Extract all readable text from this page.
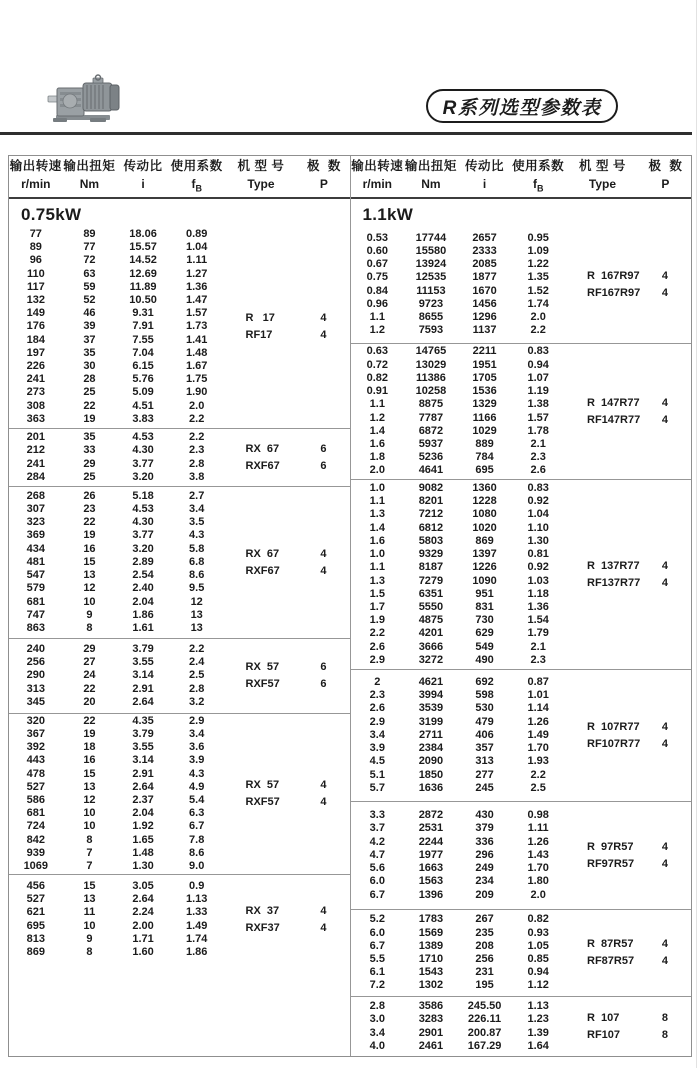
R系列选型参数表
输出转速 输出扭矩 传动比 使用系数	机 型 号	极  数
r/min	Nm	i	$f_B$	Type	P
0.75kW
77	89	18.06	0.89
89	77	15.57	1.04
96	72	14.52	1.11
110	63	12.69	1.27
117	59	11.89	1.36
132	52	10.50	1.47
149	46	9.31	1.57
176	39	7.91	1.73
184	37	7.55	1.41
197	35	7.04	1.48
226	30	6.15	1.67
241	28	5.76	1.75
273	25	5.09	1.90
308	22	4.51	2.0
363	19	3.83	2.2
R   17	4
RF17	4
201	35	4.53	2.2
212	33	4.30	2.3
241	29	3.77	2.8
284	25	3.20	3.8
RX  67	6
RXF67	6
268	26	5.18	2.7
307	23	4.53	3.4
323	22	4.30	3.5
369	19	3.77	4.3
434	16	3.20	5.8
481	15	2.89	6.8
547	13	2.54	8.6
579	12	2.40	9.5
681	10	2.04	12
747	9	1.86	13
863	8	1.61	13
RX  67	4
RXF67	4
240	29	3.79	2.2
256	27	3.55	2.4
290	24	3.14	2.5
313	22	2.91	2.8
345	20	2.64	3.2
RX  57	6
RXF57	6
320	22	4.35	2.9
367	19	3.79	3.4
392	18	3.55	3.6
443	16	3.14	3.9
478	15	2.91	4.3
527	13	2.64	4.9
586	12	2.37	5.4
681	10	2.04	6.3
724	10	1.92	6.7
842	8	1.65	7.8
939	7	1.48	8.6
1069	7	1.30	9.0
RX  57	4
RXF57	4
456	15	3.05	0.9
527	13	2.64	1.13
621	11	2.24	1.33
695	10	2.00	1.49
813	9	1.71	1.74
869	8	1.60	1.86
RX  37	4
RXF37	4
输出转速 输出扭矩 传动比 使用系数	机 型 号	极  数
r/min	Nm	i	$f_B$	Type	P
1.1kW
0.53	17744	2657	0.95
0.60	15580	2333	1.09
0.67	13924	2085	1.22
0.75	12535	1877	1.35
0.84	11153	1670	1.52
0.96	9723	1456	1.74
1.1	8655	1296	2.0
1.2	7593	1137	2.2
R  167R97	4
RF167R97	4
0.63	14765	2211	0.83
0.72	13029	1951	0.94
0.82	11386	1705	1.07
0.91	10258	1536	1.19
1.1	8875	1329	1.38
1.2	7787	1166	1.57
1.4	6872	1029	1.78
1.6	5937	889	2.1
1.8	5236	784	2.3
2.0	4641	695	2.6
R  147R77	4
RF147R77	4
1.0	9082	1360	0.83
1.1	8201	1228	0.92
1.3	7212	1080	1.04
1.4	6812	1020	1.10
1.6	5803	869	1.30
1.0	9329	1397	0.81
1.1	8187	1226	0.92
1.3	7279	1090	1.03
1.5	6351	951	1.18
1.7	5550	831	1.36
1.9	4875	730	1.54
2.2	4201	629	1.79
2.6	3666	549	2.1
2.9	3272	490	2.3
R  137R77	4
RF137R77	4
2	4621	692	0.87
2.3	3994	598	1.01
2.6	3539	530	1.14
2.9	3199	479	1.26
3.4	2711	406	1.49
3.9	2384	357	1.70
4.5	2090	313	1.93
5.1	1850	277	2.2
5.7	1636	245	2.5
R  107R77	4
RF107R77	4
3.3	2872	430	0.98
3.7	2531	379	1.11
4.2	2244	336	1.26
4.7	1977	296	1.43
5.6	1663	249	1.70
6.0	1563	234	1.80
6.7	1396	209	2.0
R  97R57	4
RF97R57	4
5.2	1783	267	0.82
6.0	1569	235	0.93
6.7	1389	208	1.05
5.5	1710	256	0.85
6.1	1543	231	0.94
7.2	1302	195	1.12
R  87R57	4
RF87R57	4
2.8	3586	245.50	1.13
3.0	3283	226.11	1.23
3.4	2901	200.87	1.39
4.0	2461	167.29	1.64
R  107	8
RF107	8
